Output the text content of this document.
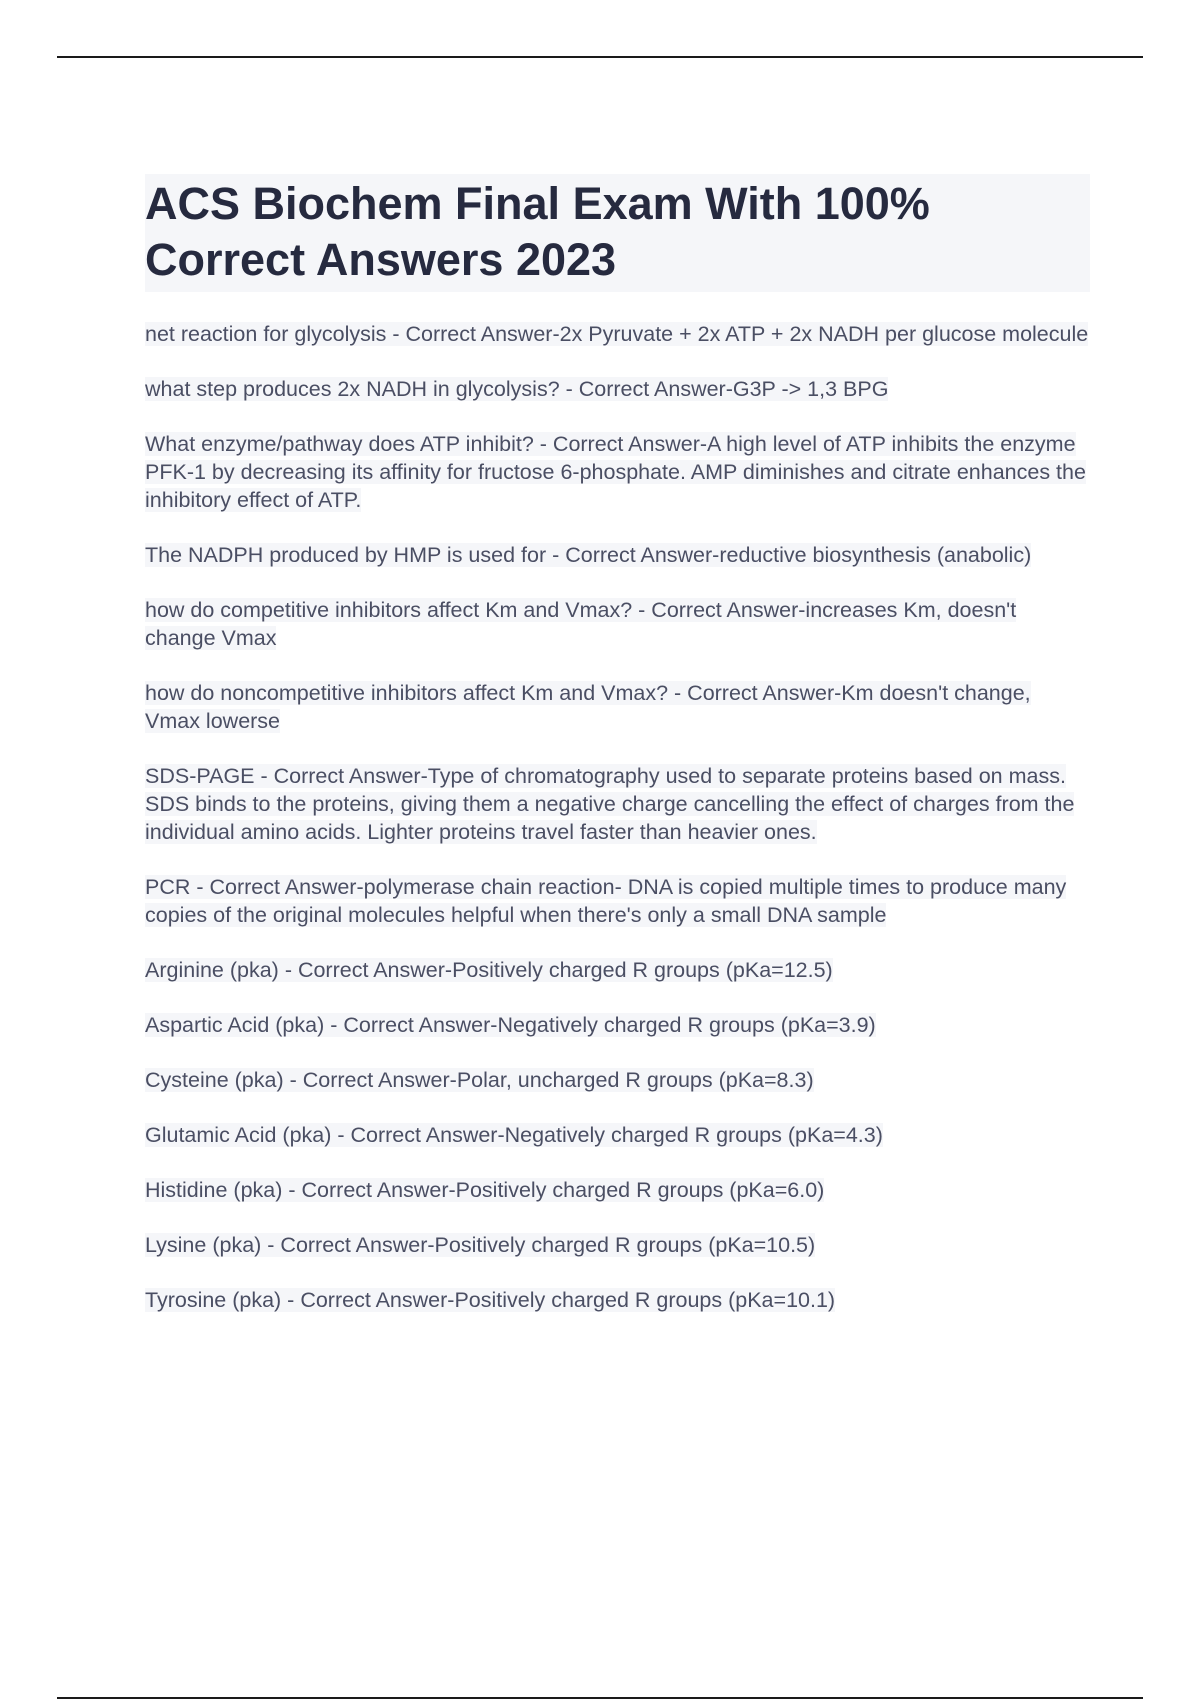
ACS Biochem Final Exam With 100% Correct Answers 2023

net reaction for glycolysis - Correct Answer-2x Pyruvate + 2x ATP + 2x NADH per glucose molecule

what step produces 2x NADH in glycolysis? - Correct Answer-G3P -> 1,3 BPG

What enzyme/pathway does ATP inhibit? - Correct Answer-A high level of ATP inhibits the enzyme PFK-1 by decreasing its affinity for fructose 6-phosphate. AMP diminishes and citrate enhances the inhibitory effect of ATP.

The NADPH produced by HMP is used for - Correct Answer-reductive biosynthesis (anabolic)

how do competitive inhibitors affect Km and Vmax? - Correct Answer-increases Km, doesn't change Vmax

how do noncompetitive inhibitors affect Km and Vmax? - Correct Answer-Km doesn't change, Vmax lowerse

SDS-PAGE - Correct Answer-Type of chromatography used to separate proteins based on mass. SDS binds to the proteins, giving them a negative charge cancelling the effect of charges from the individual amino acids. Lighter proteins travel faster than heavier ones.

PCR - Correct Answer-polymerase chain reaction- DNA is copied multiple times to produce many copies of the original molecules helpful when there's only a small DNA sample

Arginine (pka) - Correct Answer-Positively charged R groups (pKa=12.5)

Aspartic Acid (pka) - Correct Answer-Negatively charged R groups (pKa=3.9)

Cysteine (pka) - Correct Answer-Polar, uncharged R groups (pKa=8.3)

Glutamic Acid (pka) - Correct Answer-Negatively charged R groups (pKa=4.3)

Histidine (pka) - Correct Answer-Positively charged R groups (pKa=6.0)

Lysine (pka) - Correct Answer-Positively charged R groups (pKa=10.5)

Tyrosine (pka) - Correct Answer-Positively charged R groups (pKa=10.1)
